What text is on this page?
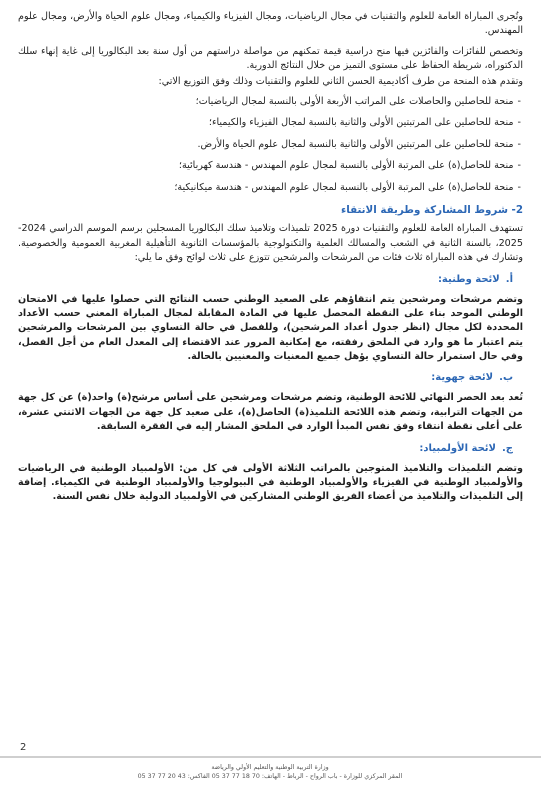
وتُجرى المباراة العامة للعلوم والتقنيات في مجال الرياضيات، ومجال الفيزياء والكيمياء، ومجال علوم الحياة والأرض، ومجال علوم المهندس.

وتخصص للفائزات والفائزين فيها منح دراسية قيمة تمكنهم من مواصلة دراستهم من أول سنة بعد البكالوريا إلى غاية إنهاء سلك الدكتوراه، شريطة الحفاظ على مستوى التميز من خلال النتائج الدورية.

وتقدم هذه المنحة من طرف أكاديمية الحسن الثاني للعلوم والتقنيات وذلك وفق التوزيع الاتي:

-منحة للحاصلين والحاصلات على المراتب الأربعة الأولى بالنسبة لمجال الرياضيات؛
-منحة للحاصلين على المرتبتين الأولى والثانية بالنسبة لمجال الفيزياء والكيمياء؛
-منحة للحاصلين على المرتبتين الأولى والثانية بالنسبة لمجال علوم الحياة والأرض.
-منحة للحاصل(ة) على المرتبة الأولى بالنسبة لمجال علوم المهندس - هندسة كهربائية؛
-منحة للحاصل(ة) على المرتبة الأولى بالنسبة لمجال علوم المهندس - هندسة ميكانيكية؛
2- شروط المشاركة وطريقة الانتقاء

تستهدف المباراة العامة للعلوم والتقنيات دورة 2025 تلميذات وتلاميذ سلك البكالوريا المسجلين برسم الموسم الدراسي 2024-2025، بالسنة الثانية في الشعب والمسالك العلمية والتكنولوجية بالمؤسسات الثانوية التأهيلية المغربية العمومية والخصوصية. وتشارك في هذه المباراة ثلاث فئات من المرشحات والمرشحين تتوزع على ثلاث لوائح وفق ما يلي:

أ.لائحة وطنية:

وتضم مرشحات ومرشحين يتم انتقاؤهم على الصعيد الوطني حسب النتائج التي حصلوا عليها في الامتحان الوطني الموحد بناء على النقطة المحصل عليها في المادة المقابلة لمجال المباراة المعني حسب الأعداد المحددة لكل مجال (انظر جدول أعداد المرشحين)، وللفصل في حالة التساوي بين المرشحات والمرشحين يتم اعتبار ما هو وارد في الملحق رفقته، مع إمكانية المرور عند الاقتضاء إلى المعدل العام من أجل الفصل، وفي حال استمرار حالة التساوي يؤهل جميع المعنيات والمعنيين بالحالة.

ب.لائحة جهوية:

تُعد بعد الحصر النهائي للائحة الوطنية، وتضم مرشحات ومرشحين على أساس مرشح(ة) واحد(ة) عن كل جهة من الجهات الترابية، وتضم هذه اللائحة التلميذ(ة) الحاصل(ة)، على صعيد كل جهة من الجهات الاثنتي عشرة، على أعلى نقطة انتقاء وفق نفس المبدأ الوارد في الملحق المشار إليه في الفقرة السابقة.

ج.لائحة الأولمبياد:

وتضم التلميذات والتلاميذ المتوجين بالمراتب الثلاثة الأولى في كل من: الأولمبياد الوطنية في الرياضيات والأولمبياد الوطنية في الفيزياء والأولمبياد الوطنية في البيولوجيا والأولمبياد الوطنية في الكيمياء. إضافة إلى التلميذات والتلاميذ من أعضاء الفريق الوطني المشاركين في الأولمبياد الدولية خلال نفس السنة.

2
وزارة التربية الوطنية والتعليم الأولي والرياضة
المقر المركزي للوزارة - باب الرواح - الرباط - الهاتف: 70 18 77 37 05 الفاكس: 43 20 77 37 05
